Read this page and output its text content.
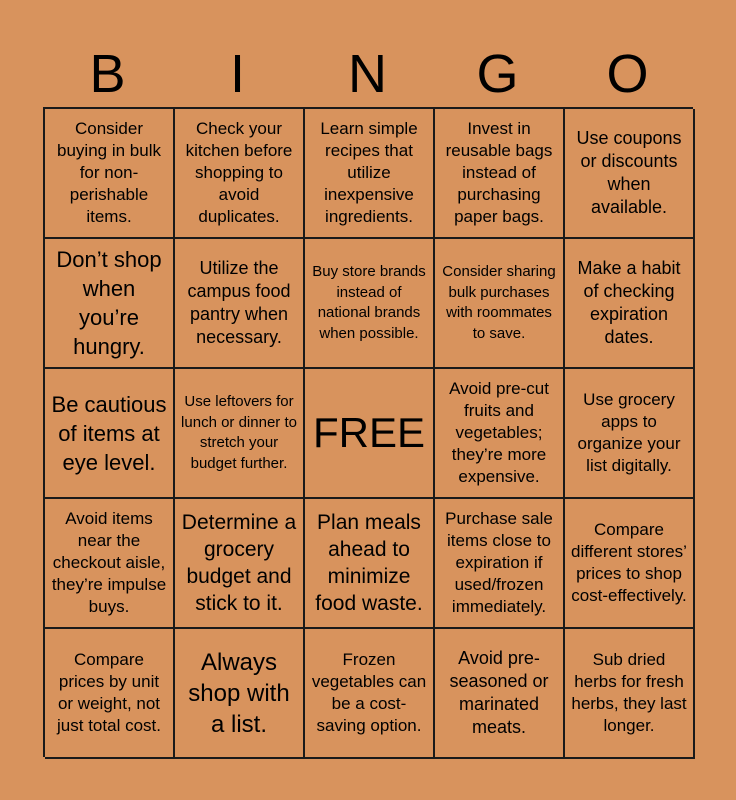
B	I	N	G	O
Consider buying in bulk for non-perishable items.
Check your kitchen before shopping to avoid duplicates.
Learn simple recipes that utilize inexpensive ingredients.
Invest in reusable bags instead of purchasing paper bags.
Use coupons or discounts when available.
Don’t shop when you’re hungry.
Utilize the campus food pantry when necessary.
Buy store brands instead of national brands when possible.
Consider sharing bulk purchases with roommates to save.
Make a habit of checking expiration dates.
Be cautious of items at eye level.
Use leftovers for lunch or dinner to stretch your budget further.
FREE
Avoid pre-cut fruits and vegetables; they’re more expensive.
Use grocery apps to organize your list digitally.
Avoid items near the checkout aisle, they’re impulse buys.
Determine a grocery budget and stick to it.
Plan meals ahead to minimize food waste.
Purchase sale items close to expiration if used/frozen immediately.
Compare different stores’ prices to shop cost-effectively.
Compare prices by unit or weight, not just total cost.
Always shop with a list.
Frozen vegetables can be a cost-saving option.
Avoid pre-seasoned or marinated meats.
Sub dried herbs for fresh herbs, they last longer.
